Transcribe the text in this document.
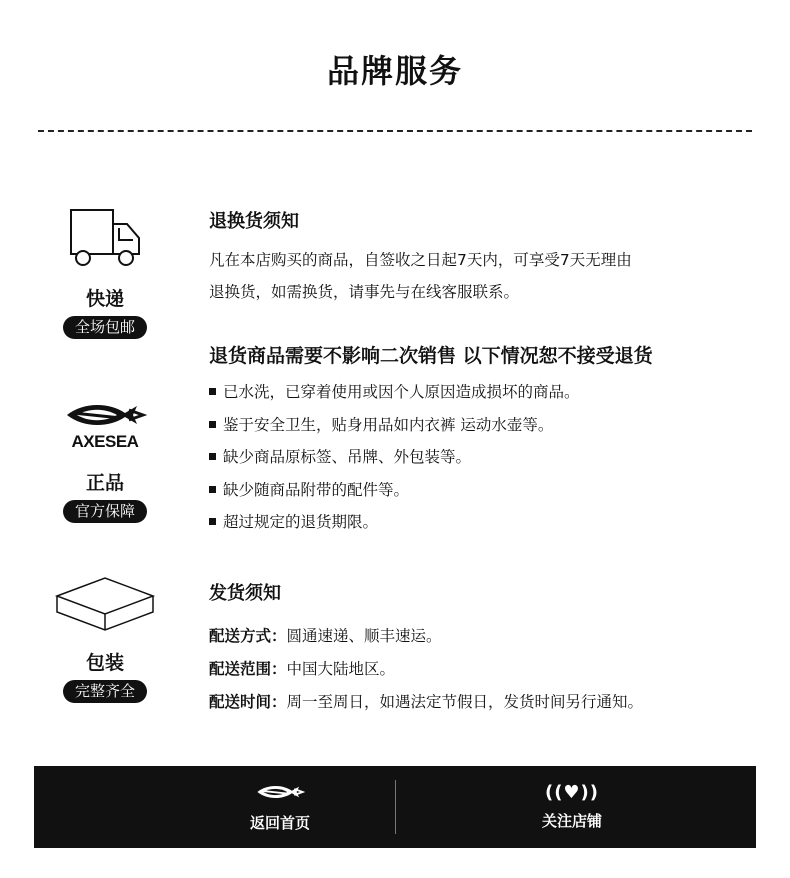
品牌服务
快递
全场包邮
AXESEA
正品
官方保障
包装
完整齐全
退换货须知
凡在本店购买的商品，自签收之日起7天内，可享受7天无理由
退换货，如需换货，请事先与在线客服联系。
退货商品需要不影响二次销售 以下情况恕不接受退货
已水洗，已穿着使用或因个人原因造成损坏的商品。
鉴于安全卫生，贴身用品如内衣裤 运动水壶等。
缺少商品原标签、吊牌、外包装等。
缺少随商品附带的配件等。
超过规定的退货期限。
发货须知
配送方式：圆通速递、顺丰速运。
配送范围：中国大陆地区。
配送时间：周一至周日，如遇法定节假日，发货时间另行通知。
返回首页
((♥))
关注店铺
